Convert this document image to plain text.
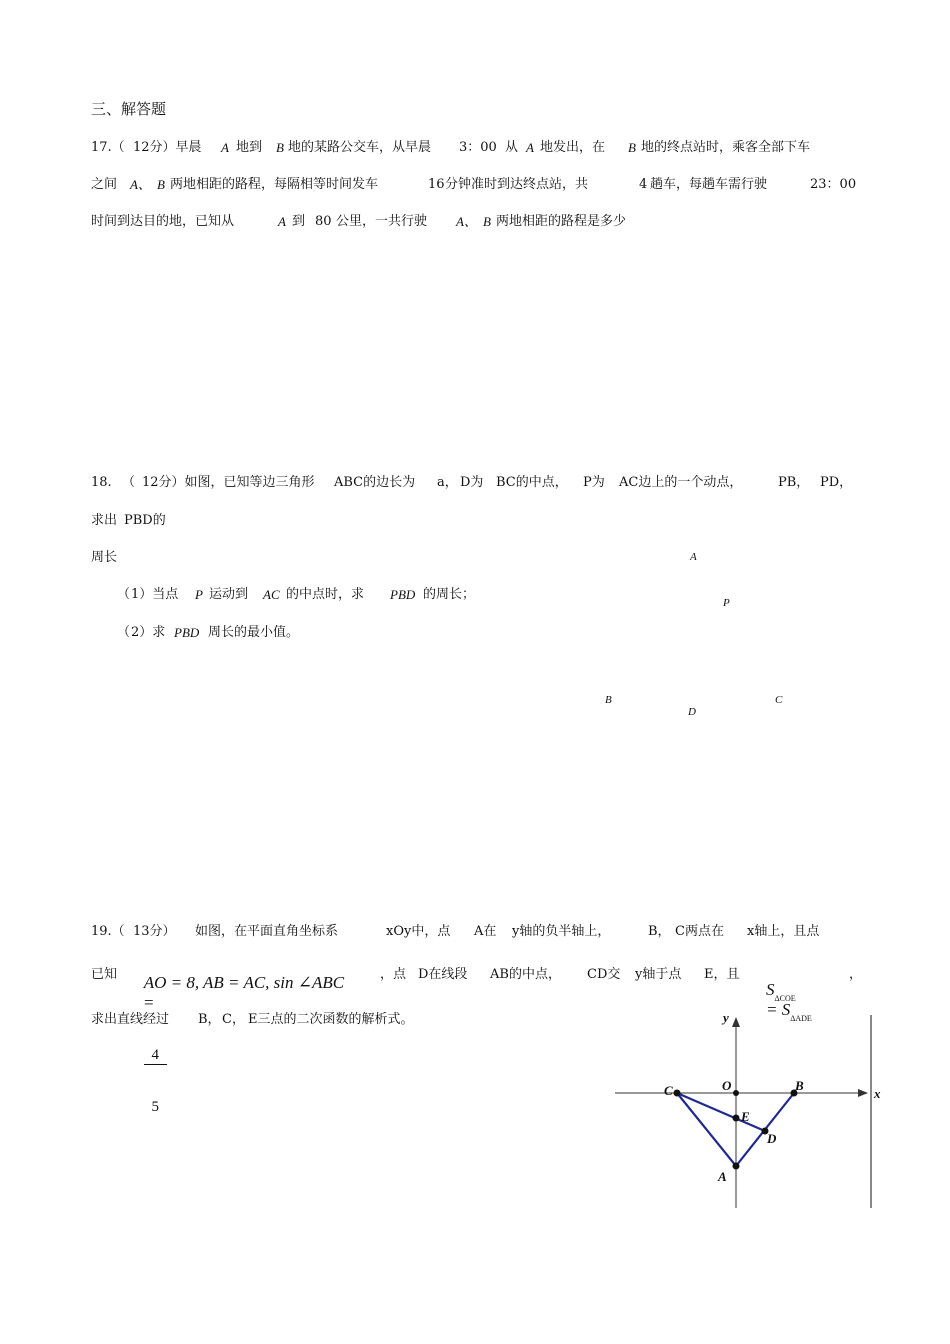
三、解答题
17.（ 12分）早晨 A 地到 B 地的某路公交车，从早晨 3：00 从 A 地发出，在 B 地的终点站时，乘客全部下车
之间 A、 B 两地相距的路程，每隔相等时间发车	16 分钟准时到达终点站，共	4 趟车，每趟车需行驶	23：00
时间到达目的地，已知从	A 到 80 公里，一共行驶 A、 B 两地相距的路程是多少
18. （ 12分）如图，已知等边三角形 ABC的边长为 a， D为 BC的中点， P为 AC边上的一个动点，	PB， PD，
求出 PBD的
周长
（ 1）当点 P 运动到 AC 的中点时，求 PBD 的周长；
（ 2）求 PBD 周长的最小值。
A
P
B
D
C
19.（ 13分） 如图，在平面直角坐标系	xOy中，点 A在 y轴的负半轴上，	B， C两点在 x轴上，且点
已知	AO = 8, AB = AC, sin ∠ABC
=

$\frac{4}{5}$

，点 D在线段 AB的中点， CD交 y轴于点 E，且

$S_{\Delta COE}$
= $S_{\Delta ADE}$

，
求出直线经过 B， C， E三点的二次函数的解析式。	y
x
O
C	B
E
D
A
